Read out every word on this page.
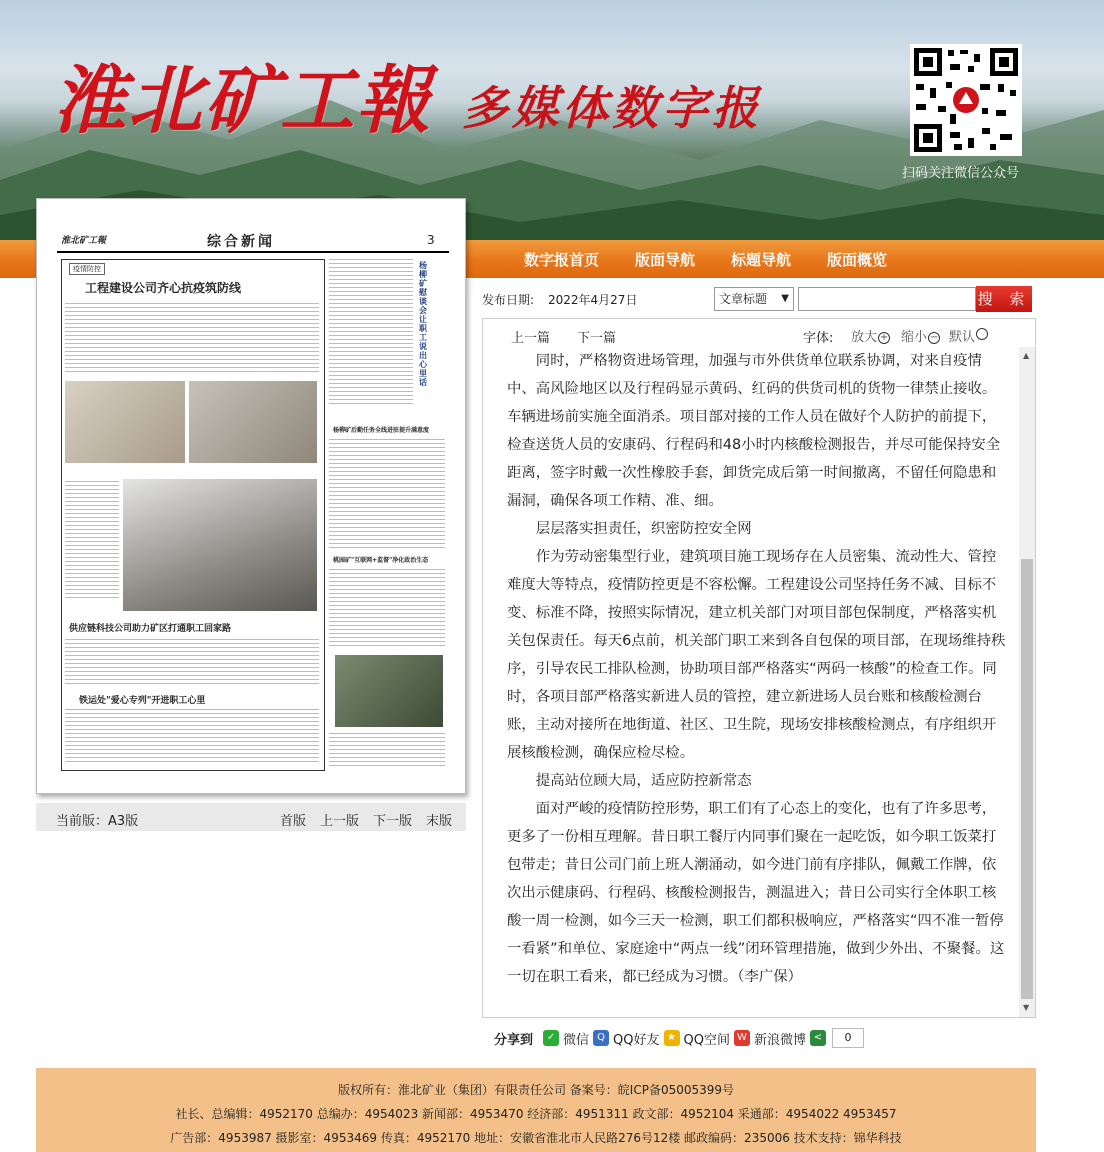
淮北矿工報 多媒体数字报
扫码关注微信公众号
数字报首页 版面导航 标题导航 版面概览
淮北矿工報	综合新闻	3
疫情防控
工程建设公司齐心抗疫筑防线
供应链科技公司助力矿区打通职工回家路
铁运处"爱心专列"开进职工心里
杨柳矿慰谈会让职工说出心里话
杨柳矿后勤任务全线进驻提升满意度
桃园矿"互联网+监督"净化政治生态
当前版：A3版	首版 上一版 下一版 末版
发布日期: 2022年4月27日	文章标题 ▼	搜 索
上一篇 下一篇	字体: 放大 + 缩小 − 默认

同时，严格物资进场管理，加强与市外供货单位联系协调，对来自疫情中、高风险地区以及行程码显示黄码、红码的供货司机的货物一律禁止接收。车辆进场前实施全面消杀。项目部对接的工作人员在做好个人防护的前提下，检查送货人员的安康码、行程码和48小时内核酸检测报告，并尽可能保持安全距离，签字时戴一次性橡胶手套，卸货完成后第一时间撤离，不留任何隐患和漏洞，确保各项工作精、准、细。

层层落实担责任，织密防控安全网

作为劳动密集型行业，建筑项目施工现场存在人员密集、流动性大、管控难度大等特点，疫情防控更是不容松懈。工程建设公司坚持任务不减、目标不变、标准不降，按照实际情况，建立机关部门对项目部包保制度，严格落实机关包保责任。每天6点前，机关部门职工来到各自包保的项目部，在现场维持秩序，引导农民工排队检测，协助项目部严格落实“两码一核酸”的检查工作。同时，各项目部严格落实新进人员的管控，建立新进场人员台账和核酸检测台账，主动对接所在地街道、社区、卫生院，现场安排核酸检测点，有序组织开展核酸检测，确保应检尽检。

提高站位顾大局，适应防控新常态

面对严峻的疫情防控形势，职工们有了心态上的变化，也有了许多思考，更多了一份相互理解。昔日职工餐厅内同事们聚在一起吃饭，如今职工饭菜打包带走；昔日公司门前上班人潮涌动，如今进门前有序排队，佩戴工作牌，依次出示健康码、行程码、核酸检测报告，测温进入；昔日公司实行全体职工核酸一周一检测，如今三天一检测，职工们都积极响应，严格落实“四不准一暂停一看紧”和单位、家庭途中“两点一线”闭环管理措施，做到少外出、不聚餐。这一切在职工看来，都已经成为习惯。（李广保）

▲
▼
分享到	✓ 微信 Q QQ好友 ★ QQ空间 W 新浪微博 <	0
版权所有：淮北矿业（集团）有限责任公司 备案号：皖ICP备05005399号
社长、总编辑：4952170 总编办：4954023 新闻部：4953470 经济部：4951311 政文部：4952104 采通部：4954022 4953457
广告部：4953987 摄影室：4953469 传真：4952170 地址：安徽省淮北市人民路276号12楼 邮政编码：235006 技术支持：锦华科技
